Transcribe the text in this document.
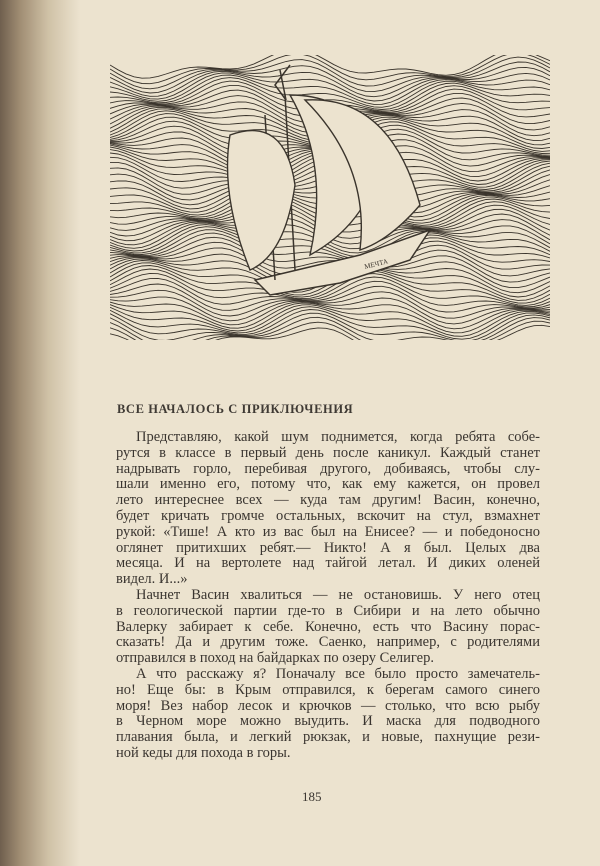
МЕЧТА
ВСЕ НАЧАЛОСЬ С ПРИКЛЮЧЕНИЯ
Представляю, какой шум поднимется, когда ребята собе-
рутся в классе в первый день после каникул. Каждый станет
надрывать горло, перебивая другого, добиваясь, чтобы слу-
шали именно его, потому что, как ему кажется, он провел
лето интереснее всех — куда там другим! Васин, конечно,
будет кричать громче остальных, вскочит на стул, взмахнет
рукой: «Тише! А кто из вас был на Енисее? — и победоносно
оглянет притихших ребят.— Никто! А я был. Целых два
месяца. И на вертолете над тайгой летал. И диких оленей
видел. И...»
Начнет Васин хвалиться — не остановишь. У него отец
в геологической партии где-то в Сибири и на лето обычно
Валерку забирает к себе. Конечно, есть что Васину порас-
сказать! Да и другим тоже. Саенко, например, с родителями
отправился в поход на байдарках по озеру Селигер.
А что расскажу я? Поначалу все было просто замечатель-
но! Еще бы: в Крым отправился, к берегам самого синего
моря! Вез набор лесок и крючков — столько, что всю рыбу
в Черном море можно выудить. И маска для подводного
плавания была, и легкий рюкзак, и новые, пахнущие рези-
ной кеды для похода в горы.
185
